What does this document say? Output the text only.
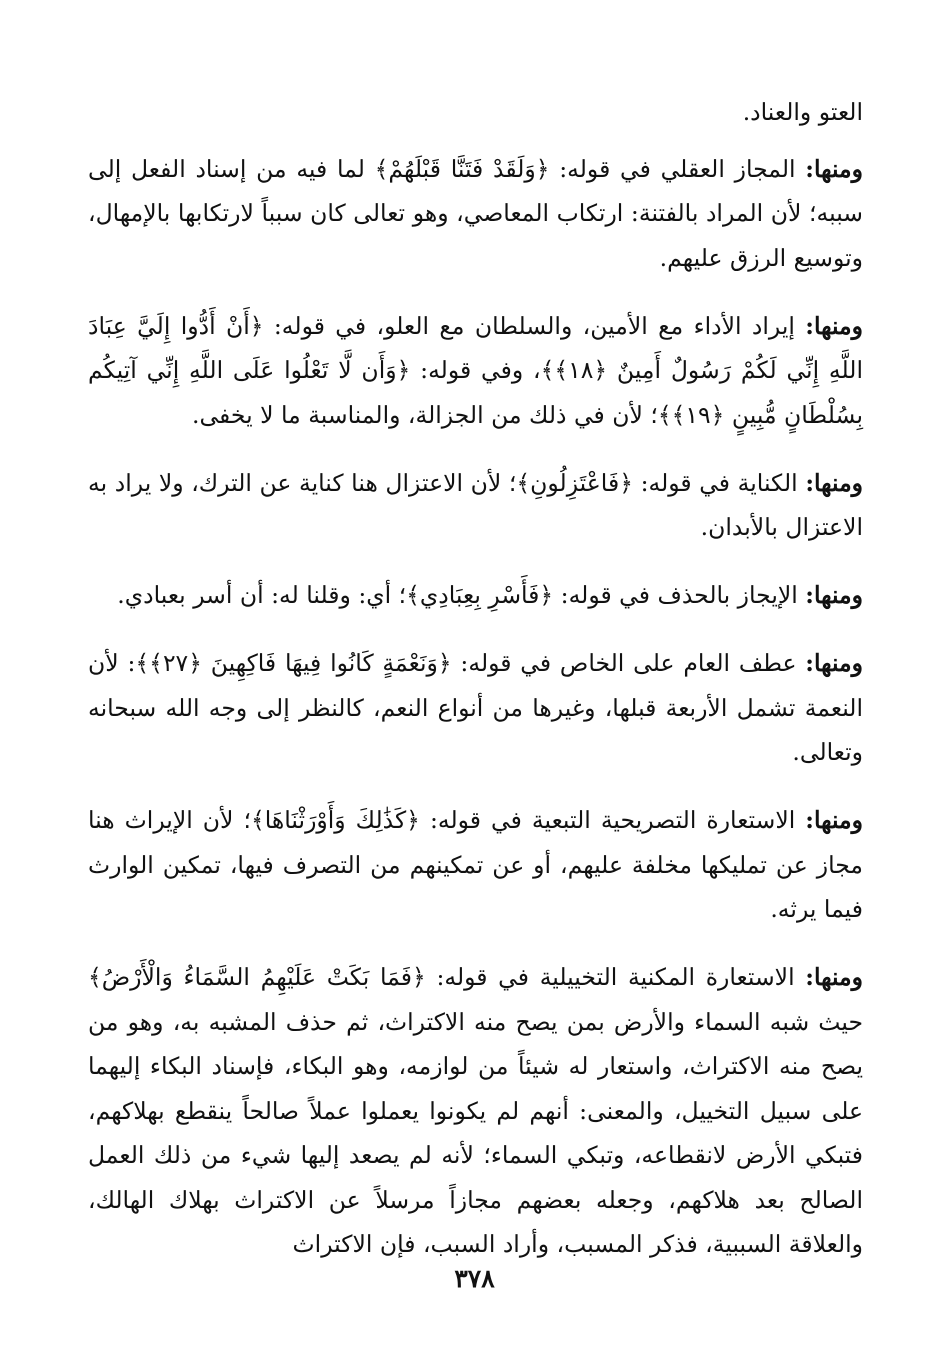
العتو والعناد.

ومنها: المجاز العقلي في قوله: ﴿وَلَقَدْ فَتَنَّا قَبْلَهُمْ﴾ لما فيه من إسناد الفعل إلى سببه؛ لأن المراد بالفتنة: ارتكاب المعاصي، وهو تعالى كان سبباً لارتكابها بالإمهال، وتوسيع الرزق عليهم.

ومنها: إيراد الأداء مع الأمين، والسلطان مع العلو، في قوله: ﴿أَنْ أَدُّوا إِلَيَّ عِبَادَ اللَّهِ إِنِّي لَكُمْ رَسُولٌ أَمِينٌ ﴿١٨﴾﴾، وفي قوله: ﴿وَأَن لَّا تَعْلُوا عَلَى اللَّهِ إِنِّي آتِيكُم بِسُلْطَانٍ مُّبِينٍ ﴿١٩﴾﴾؛ لأن في ذلك من الجزالة، والمناسبة ما لا يخفى.

ومنها: الكناية في قوله: ﴿فَاعْتَزِلُونِ﴾؛ لأن الاعتزال هنا كناية عن الترك، ولا يراد به الاعتزال بالأبدان.

ومنها: الإيجاز بالحذف في قوله: ﴿فَأَسْرِ بِعِبَادِي﴾؛ أي: وقلنا له: أن أسر بعبادي.

ومنها: عطف العام على الخاص في قوله: ﴿وَنَعْمَةٍ كَانُوا فِيهَا فَاكِهِينَ ﴿٢٧﴾﴾: لأن النعمة تشمل الأربعة قبلها، وغيرها من أنواع النعم، كالنظر إلى وجه الله سبحانه وتعالى.

ومنها: الاستعارة التصريحية التبعية في قوله: ﴿كَذَٰلِكَ وَأَوْرَثْنَاهَا﴾؛ لأن الإيراث هنا مجاز عن تمليكها مخلفة عليهم، أو عن تمكينهم من التصرف فيها، تمكين الوارث فيما يرثه.

ومنها: الاستعارة المكنية التخييلية في قوله: ﴿فَمَا بَكَتْ عَلَيْهِمُ السَّمَاءُ وَالْأَرْضُ﴾ حيث شبه السماء والأرض بمن يصح منه الاكتراث، ثم حذف المشبه به، وهو من يصح منه الاكتراث، واستعار له شيئاً من لوازمه، وهو البكاء، فإسناد البكاء إليهما على سبيل التخييل، والمعنى: أنهم لم يكونوا يعملوا عملاً صالحاً ينقطع بهلاكهم، فتبكي الأرض لانقطاعه، وتبكي السماء؛ لأنه لم يصعد إليها شيء من ذلك العمل الصالح بعد هلاكهم، وجعله بعضهم مجازاً مرسلاً عن الاكتراث بهلاك الهالك، والعلاقة السببية، فذكر المسبب، وأراد السبب، فإن الاكتراث

٣٧٨
